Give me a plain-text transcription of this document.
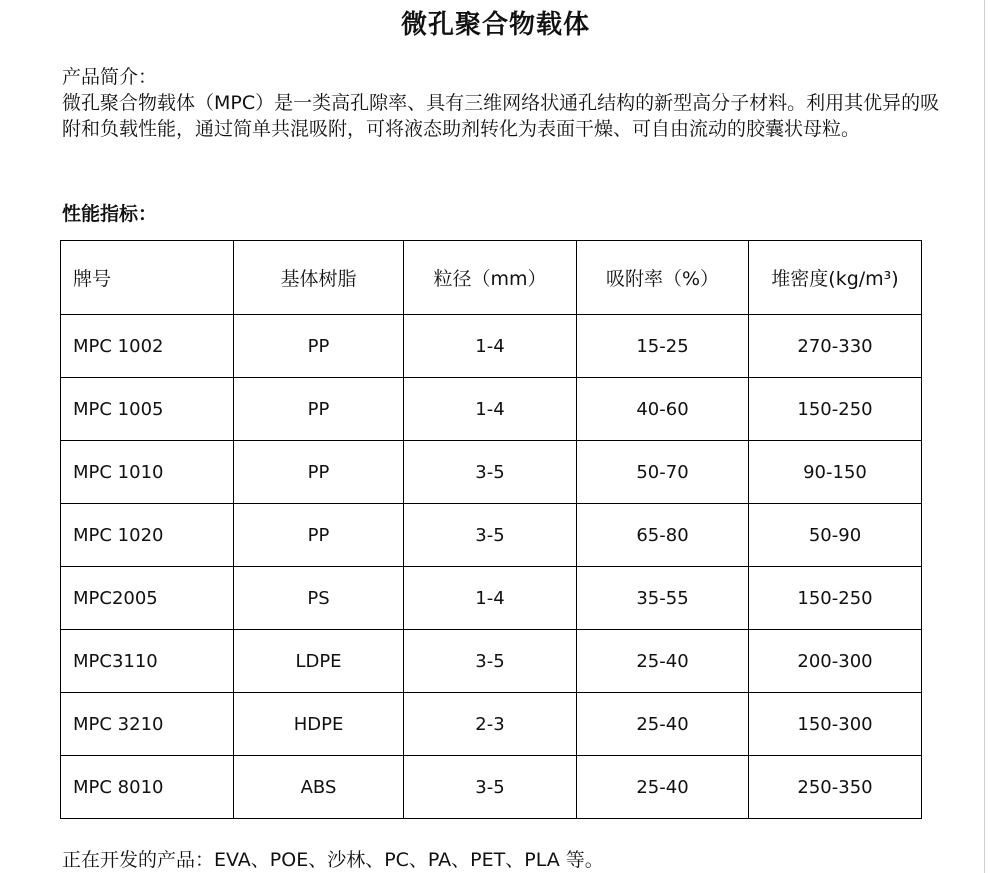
微孔聚合物载体

产品简介：

微孔聚合物载体（MPC）是一类高孔隙率、具有三维网络状通孔结构的新型高分子材料。利用其优异的吸附和负载性能，通过简单共混吸附，可将液态助剂转化为表面干燥、可自由流动的胶囊状母粒。

性能指标：
牌号	基体树脂	粒径（mm）	吸附率（%）	堆密度(kg/m³)
MPC 1002	PP	1-4	15-25	270-330
MPC 1005	PP	1-4	40-60	150-250
MPC 1010	PP	3-5	50-70	90-150
MPC 1020	PP	3-5	65-80	50-90
MPC2005	PS	1-4	35-55	150-250
MPC3110	LDPE	3-5	25-40	200-300
MPC 3210	HDPE	2-3	25-40	150-300
MPC 8010	ABS	3-5	25-40	250-350
正在开发的产品：EVA、POE、沙林、PC、PA、PET、PLA 等。
